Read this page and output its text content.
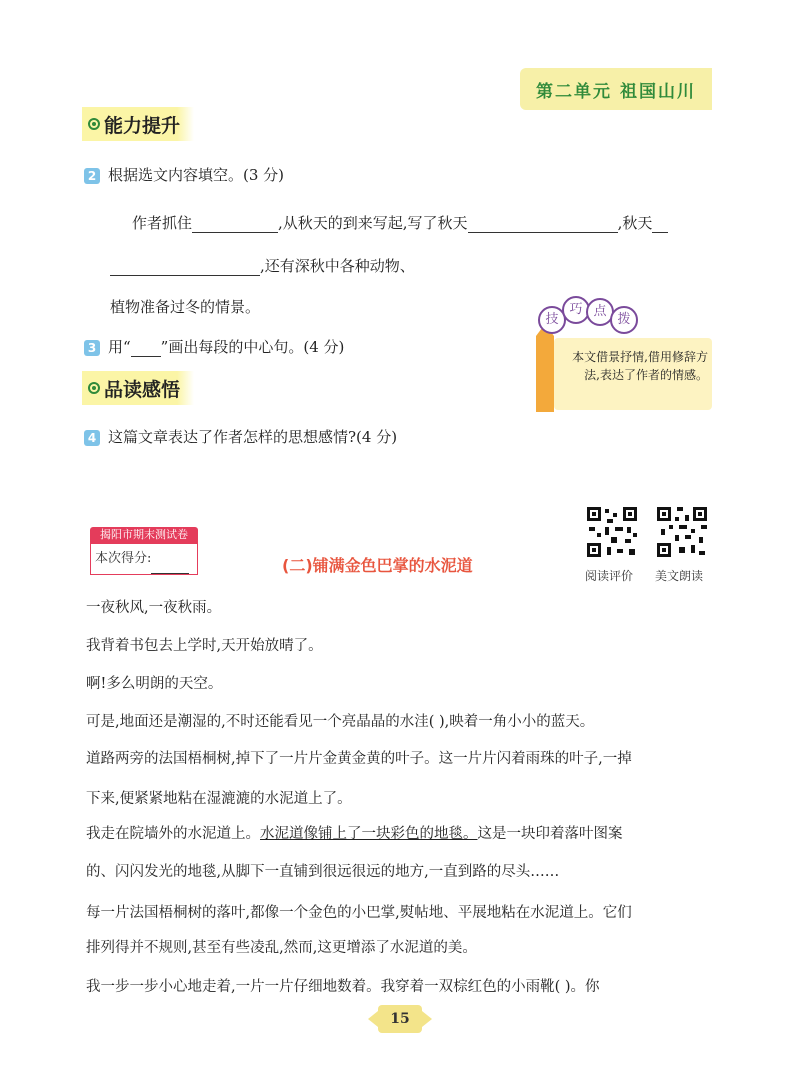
第二单元 祖国山川
能力提升
2 根据选文内容填空。(3 分)
作者抓住	,从秋天的到来写起,写了秋天	,秋天
,还有深秋中各种动物、
植物准备过冬的情景。
技
巧 点
拨
本文借景抒情,借用修辞方法,表达了作者的情感。
3 用“ ”画出每段的中心句。(4 分)
品读感悟
4 这篇文章表达了作者怎样的思想感情?(4 分)
揭阳市期末测试卷
本次得分:
阅读评价 美文朗读
(二)铺满金色巴掌的水泥道
一夜秋风,一夜秋雨。
我背着书包去上学时,天开始放晴了。
啊!多么明朗的天空。
可是,地面还是潮湿的,不时还能看见一个亮晶晶的水洼( ),映着一角小小的蓝天。
道路两旁的法国梧桐树,掉下了一片片金黄金黄的叶子。这一片片闪着雨珠的叶子,一掉
下来,便紧紧地粘在湿漉漉的水泥道上了。
我走在院墙外的水泥道上。水泥道像铺上了一块彩色的地毯。这是一块印着落叶图案
的、闪闪发光的地毯,从脚下一直铺到很远很远的地方,一直到路的尽头……
每一片法国梧桐树的落叶,都像一个金色的小巴掌,熨帖地、平展地粘在水泥道上。它们
排列得并不规则,甚至有些凌乱,然而,这更增添了水泥道的美。
我一步一步小心地走着,一片一片仔细地数着。我穿着一双棕红色的小雨靴( )。你
15
